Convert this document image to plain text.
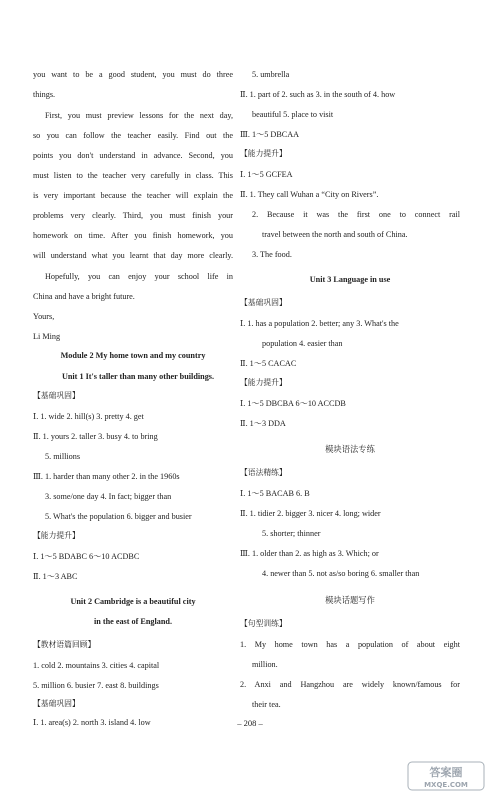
you want to be a good student, you must do three
things.
First, you must preview lessons for the next day,
so you can follow the teacher easily. Find out the
points you don't understand in advance. Second, you
must listen to the teacher very carefully in class. This
is very important because the teacher will explain the
problems very clearly. Third, you must finish your
homework on time. After you finish homework, you
will understand what you learnt that day more clearly.
Hopefully, you can enjoy your school life in
China and have a bright future.
Yours,
Li Ming
Module 2 My home town and my country
Unit 1 It's taller than many other buildings.
【基础巩固】
Ⅰ. 1. wide 2. hill(s) 3. pretty 4. get
Ⅱ. 1. yours 2. taller 3. busy 4. to bring
5. millions
Ⅲ. 1. harder than many other 2. in the 1960s
3. some/one day 4. In fact; bigger than
5. What's the population 6. bigger and busier
【能力提升】
Ⅰ. 1～5 BDABC 6～10 ACDBC
Ⅱ. 1～3 ABC
Unit 2 Cambridge is a beautiful city
in the east of England.
【教材语篇回顾】
1. cold 2. mountains 3. cities 4. capital
5. million 6. busier 7. east 8. buildings
【基础巩固】
Ⅰ. 1. area(s) 2. north 3. island 4. low
5. umbrella
Ⅱ. 1. part of 2. such as 3. in the south of 4. how
beautiful 5. place to visit
Ⅲ. 1～5 DBCAA
【能力提升】
Ⅰ. 1～5 GCFEA
Ⅱ. 1. They call Wuhan a “City on Rivers”.
2. Because it was the first one to connect rail
travel between the north and south of China.
3. The food.
Unit 3 Language in use
【基础巩固】
Ⅰ. 1. has a population 2. better; any 3. What's the
population 4. easier than
Ⅱ. 1～5 CACAC
【能力提升】
Ⅰ. 1～5 DBCBA 6～10 ACCDB
Ⅱ. 1～3 DDA
模块语法专练
【语法精练】
Ⅰ. 1～5 BACAB 6. B
Ⅱ. 1. tidier 2. bigger 3. nicer 4. long; wider
5. shorter; thinner
Ⅲ. 1. older than 2. as high as 3. Which; or
4. newer than 5. not as/so boring 6. smaller than
模块话题写作
【句型训练】
1. My home town has a population of about eight
million.
2. Anxi and Hangzhou are widely known/famous for
their tea.
– 208 –
答案圈
MXQE.COM
